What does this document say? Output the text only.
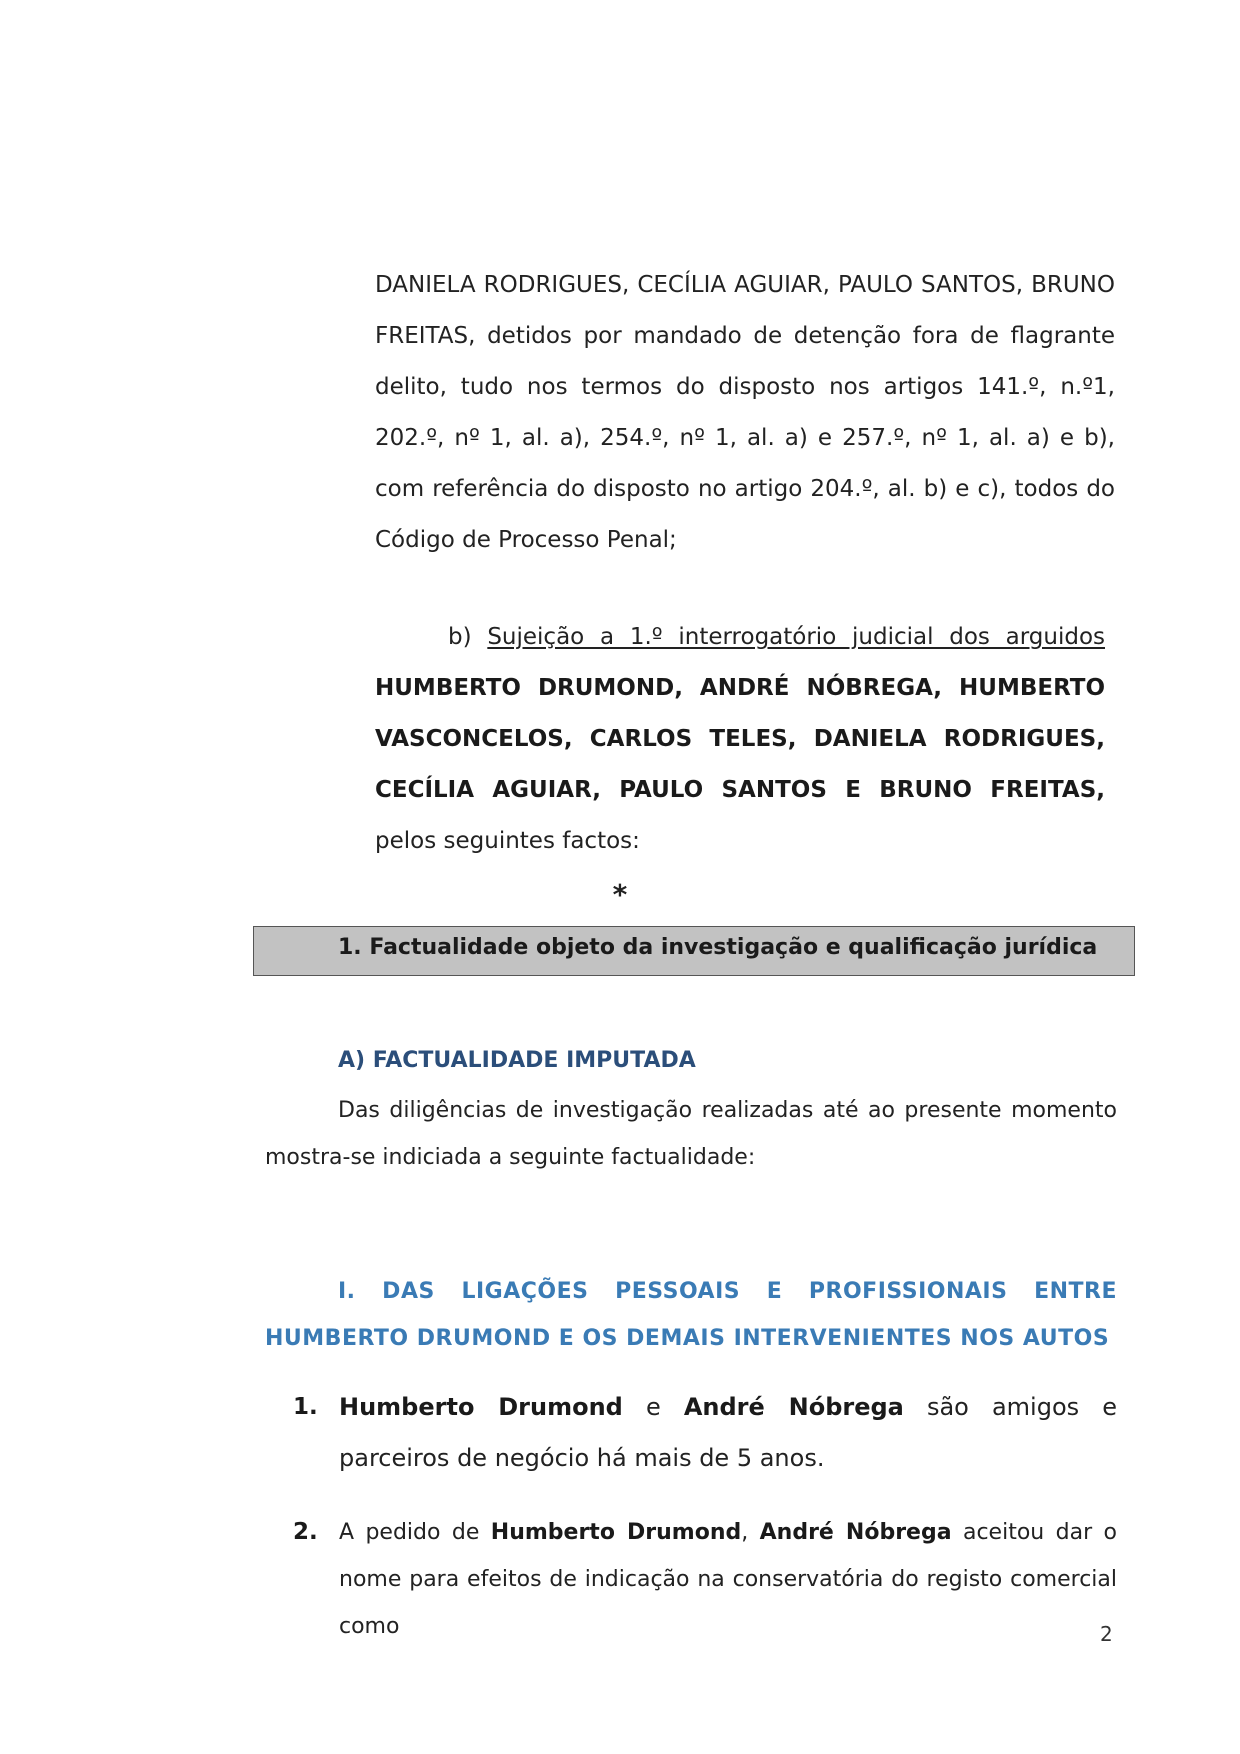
DANIELA RODRIGUES, CECÍLIA AGUIAR, PAULO SANTOS, BRUNO FREITAS, detidos por mandado de detenção fora de flagrante delito, tudo nos termos do disposto nos artigos 141.º, n.º1, 202.º, nº 1, al. a), 254.º, nº 1, al. a) e 257.º, nº 1, al. a) e b), com referência do disposto no artigo 204.º, al. b) e c), todos do Código de Processo Penal;

b) Sujeição a 1.º interrogatório judicial dos arguidos HUMBERTO DRUMOND, ANDRÉ NÓBREGA, HUMBERTO VASCONCELOS, CARLOS TELES, DANIELA RODRIGUES, CECÍLIA AGUIAR, PAULO SANTOS E BRUNO FREITAS, pelos seguintes factos:

*

1. Factualidade objeto da investigação e qualificação jurídica

A) FACTUALIDADE IMPUTADA

Das diligências de investigação realizadas até ao presente momento mostra-se indiciada a seguinte factualidade:

I. DAS LIGAÇÕES PESSOAIS E PROFISSIONAIS ENTRE HUMBERTO DRUMOND E OS DEMAIS INTERVENIENTES NOS AUTOS

1. Humberto Drumond e André Nóbrega são amigos e parceiros de negócio há mais de 5 anos.

2. A pedido de Humberto Drumond, André Nóbrega aceitou dar o nome para efeitos de indicação na conservatória do registo comercial como	2
